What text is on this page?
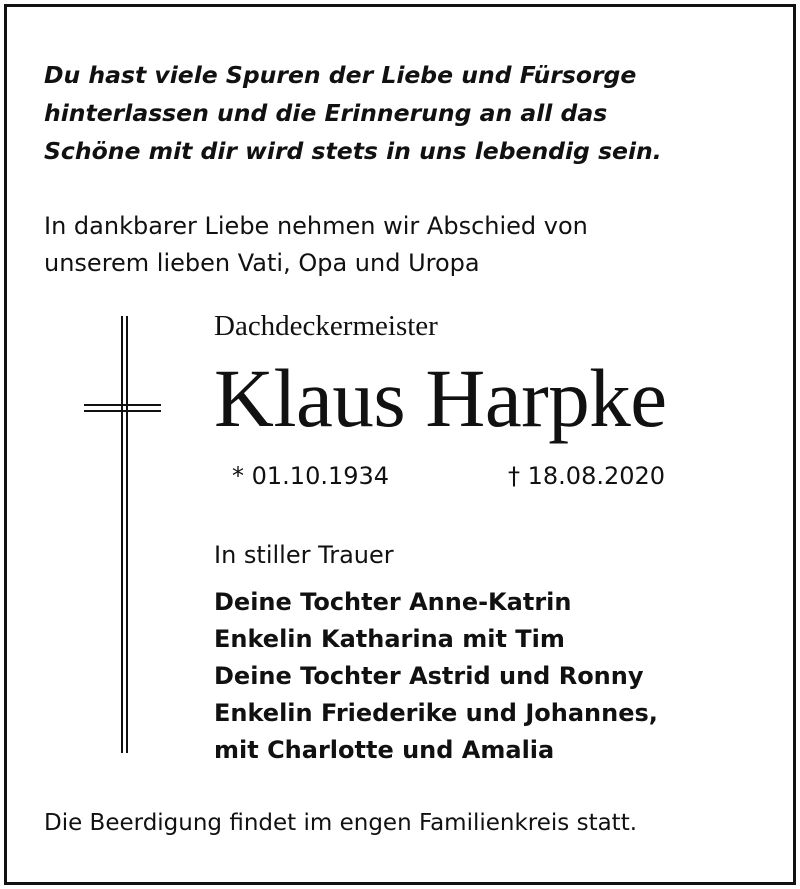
Du hast viele Spuren der Liebe und Fürsorge
hinterlassen und die Erinnerung an all das
Schöne mit dir wird stets in uns lebendig sein.
In dankbarer Liebe nehmen wir Abschied von
unserem lieben Vati, Opa und Uropa
Dachdeckermeister
Klaus Harpke
* 01.10.1934	† 18.08.2020
In stiller Trauer
Deine Tochter Anne-Katrin
Enkelin Katharina mit Tim
Deine Tochter Astrid und Ronny
Enkelin Friederike und Johannes,
mit Charlotte und Amalia
Die Beerdigung findet im engen Familienkreis statt.
